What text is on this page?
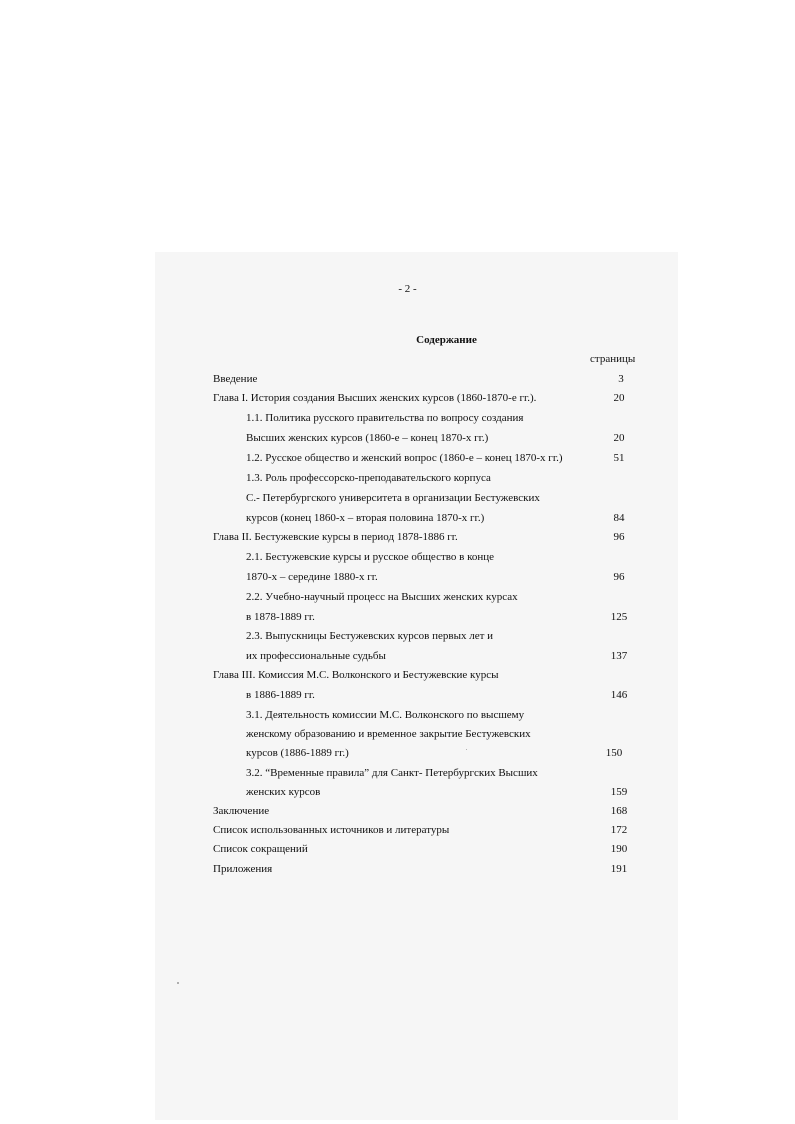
- 2 -
Содержание
страницы
Введение	3
Глава I. История создания Высших женских курсов (1860-1870-е гг.).	20
1.1. Политика русского правительства по вопросу создания
Высших женских курсов (1860-е – конец 1870-х гг.)	20
1.2. Русское общество и женский вопрос (1860-е – конец 1870-х гг.)	51
1.3. Роль профессорско-преподавательского корпуса
С.- Петербургского университета в организации Бестужевских
курсов (конец 1860-х – вторая половина 1870-х гг.)	84
Глава II. Бестужевские курсы в период 1878-1886 гг.	96
2.1. Бестужевские курсы и русское общество в конце
1870-х – середине 1880-х гг.	96
2.2. Учебно-научный процесс на Высших женских курсах
в 1878-1889 гг.	125
2.3. Выпускницы Бестужевских курсов первых лет и
их профессиональные судьбы	137
Глава III. Комиссия М.С. Волконского и Бестужевские курсы
в 1886-1889 гг.	146
3.1. Деятельность комиссии М.С. Волконского по высшему
женскому образованию и временное закрытие Бестужевских
курсов (1886-1889 гг.)	150
3.2. “Временные правила” для Санкт- Петербургских Высших
женских курсов	159
Заключение	168
Список использованных источников и литературы	172
Список сокращений	190
Приложения	191
